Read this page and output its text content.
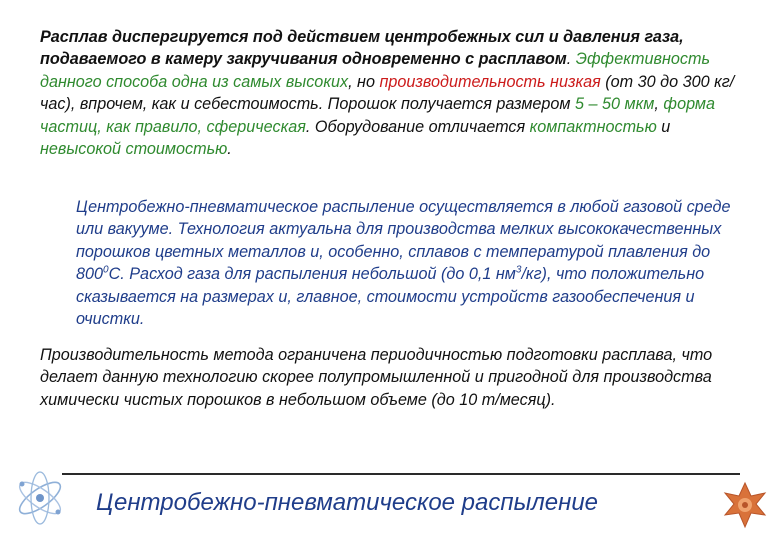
Расплав диспергируется под действием центробежных сил и давления газа, подаваемого в камеру закручивания одновременно с расплавом. Эффективность данного способа одна из самых высоких, но производительность низкая (от 30 до 300 кг/час), впрочем, как и себестоимость. Порошок получается размером 5 – 50 мкм, форма частиц, как правило, сферическая. Оборудование отличается компактностью и невысокой стоимостью.

Центробежно-пневматическое распыление осуществляется в любой газовой среде или вакууме. Технология актуальна для производства мелких высококачественных порошков цветных металлов и, особенно, сплавов с температурой плавления до $800^0С$. Расход газа для распыления небольшой (до 0,1 $нм^3/кг$), что положительно сказывается на размерах и, главное, стоимости устройств газообеспечения и очистки.

Производительность метода ограничена периодичностью подготовки расплава, что делает данную технологию скорее полупромышленной и пригодной для производства химически чистых порошков в небольшом объеме (до 10 т/месяц).

Центробежно-пневматическое распыление
